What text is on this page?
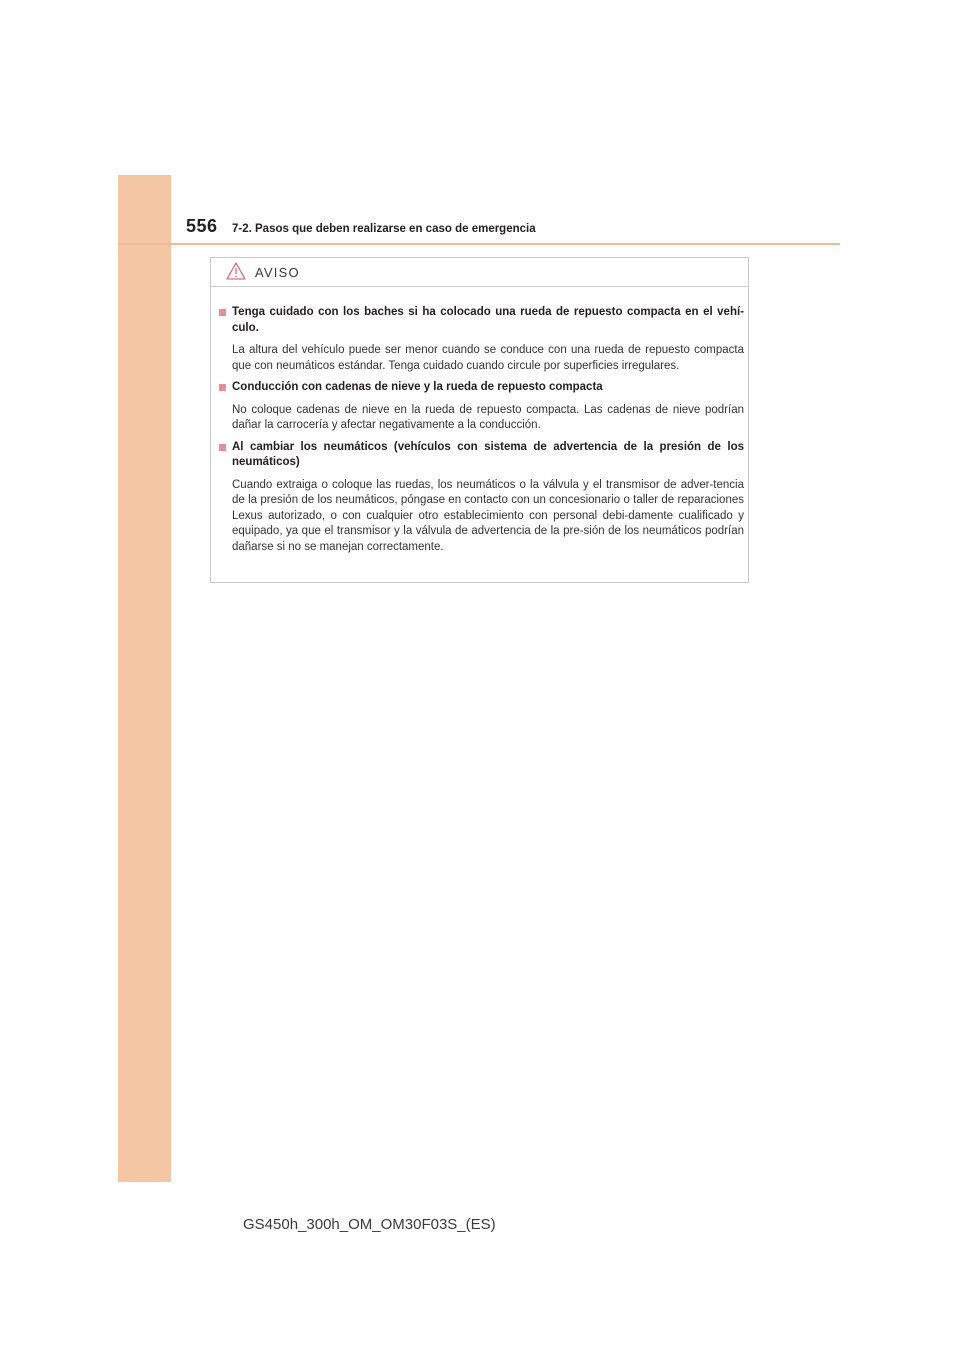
556 7-2. Pasos que deben realizarse en caso de emergencia
AVISO
Tenga cuidado con los baches si ha colocado una rueda de repuesto compacta en el vehí-culo.

La altura del vehículo puede ser menor cuando se conduce con una rueda de repuesto compacta que con neumáticos estándar. Tenga cuidado cuando circule por superficies irregulares.

Conducción con cadenas de nieve y la rueda de repuesto compacta

No coloque cadenas de nieve en la rueda de repuesto compacta. Las cadenas de nieve podrían dañar la carrocería y afectar negativamente a la conducción.

Al cambiar los neumáticos (vehículos con sistema de advertencia de la presión de los neumáticos)

Cuando extraiga o coloque las ruedas, los neumáticos o la válvula y el transmisor de adver-tencia de la presión de los neumáticos, póngase en contacto con un concesionario o taller de reparaciones Lexus autorizado, o con cualquier otro establecimiento con personal debi-damente cualificado y equipado, ya que el transmisor y la válvula de advertencia de la pre-sión de los neumáticos podrían dañarse si no se manejan correctamente.

GS450h_300h_OM_OM30F03S_(ES)
